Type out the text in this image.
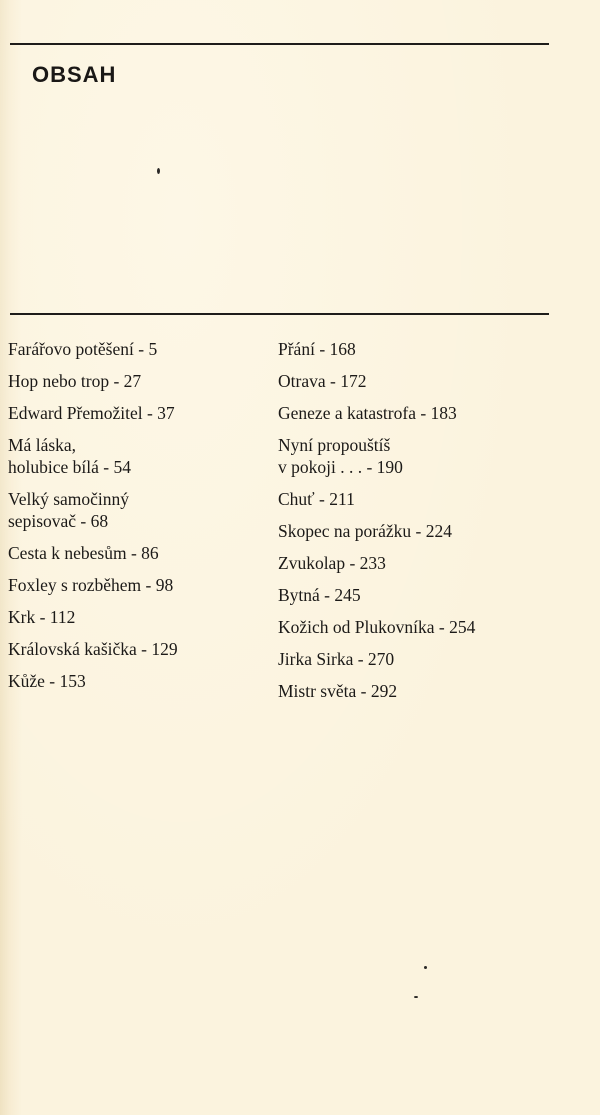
OBSAH
Farářovo potěšení - 5
Hop nebo trop - 27
Edward Přemožitel - 37
Má láska,
holubice bílá - 54
Velký samočinný
sepisovač - 68
Cesta k nebesům - 86
Foxley s rozběhem - 98
Krk - 112
Královská kašička - 129
Kůže - 153
Přání - 168
Otrava - 172
Geneze a katastrofa - 183
Nyní propouštíš
v pokoji . . . - 190
Chuť - 211
Skopec na porážku - 224
Zvukolap - 233
Bytná - 245
Kožich od Plukovníka - 254
Jirka Sirka - 270
Mistr světa - 292
